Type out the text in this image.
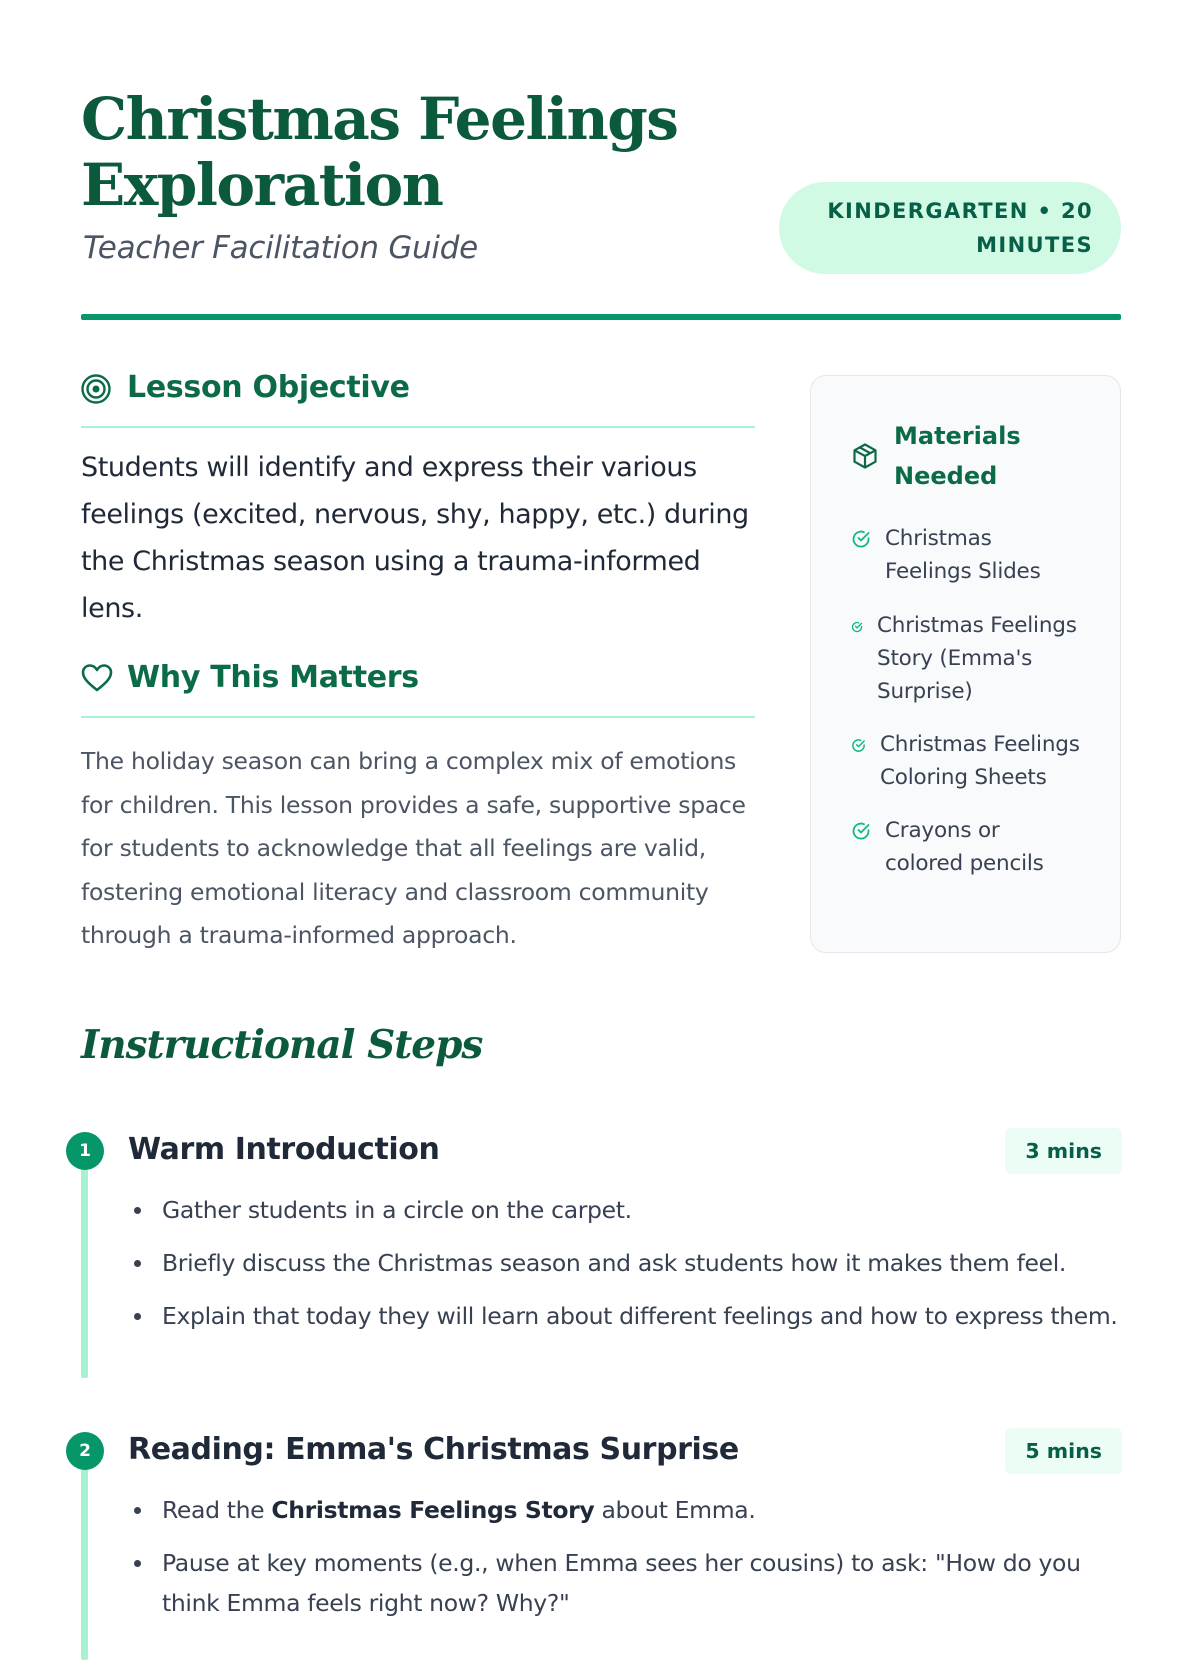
Christmas Feelings Exploration
Teacher Facilitation Guide
KINDERGARTEN • 20 MINUTES
Lesson Objective

Students will identify and express their various feelings (excited, nervous, shy, happy, etc.) during the Christmas season using a trauma-informed lens.

Why This Matters

The holiday season can bring a complex mix of emotions for children. This lesson provides a safe, supportive space for students to acknowledge that all feelings are valid, fostering emotional literacy and classroom community through a trauma-informed approach.

Materials Needed
Christmas Feelings Slides
Christmas Feelings Story (Emma's Surprise)
Christmas Feelings Coloring Sheets
Crayons or colored pencils
Instructional Steps
1	Warm Introduction	3 mins
Gather students in a circle on the carpet.
Briefly discuss the Christmas season and ask students how it makes them feel.
Explain that today they will learn about different feelings and how to express them.
2	Reading: Emma's Christmas Surprise	5 mins
Read the Christmas Feelings Story about Emma.
Pause at key moments (e.g., when Emma sees her cousins) to ask: "How do you think Emma feels right now? Why?"
